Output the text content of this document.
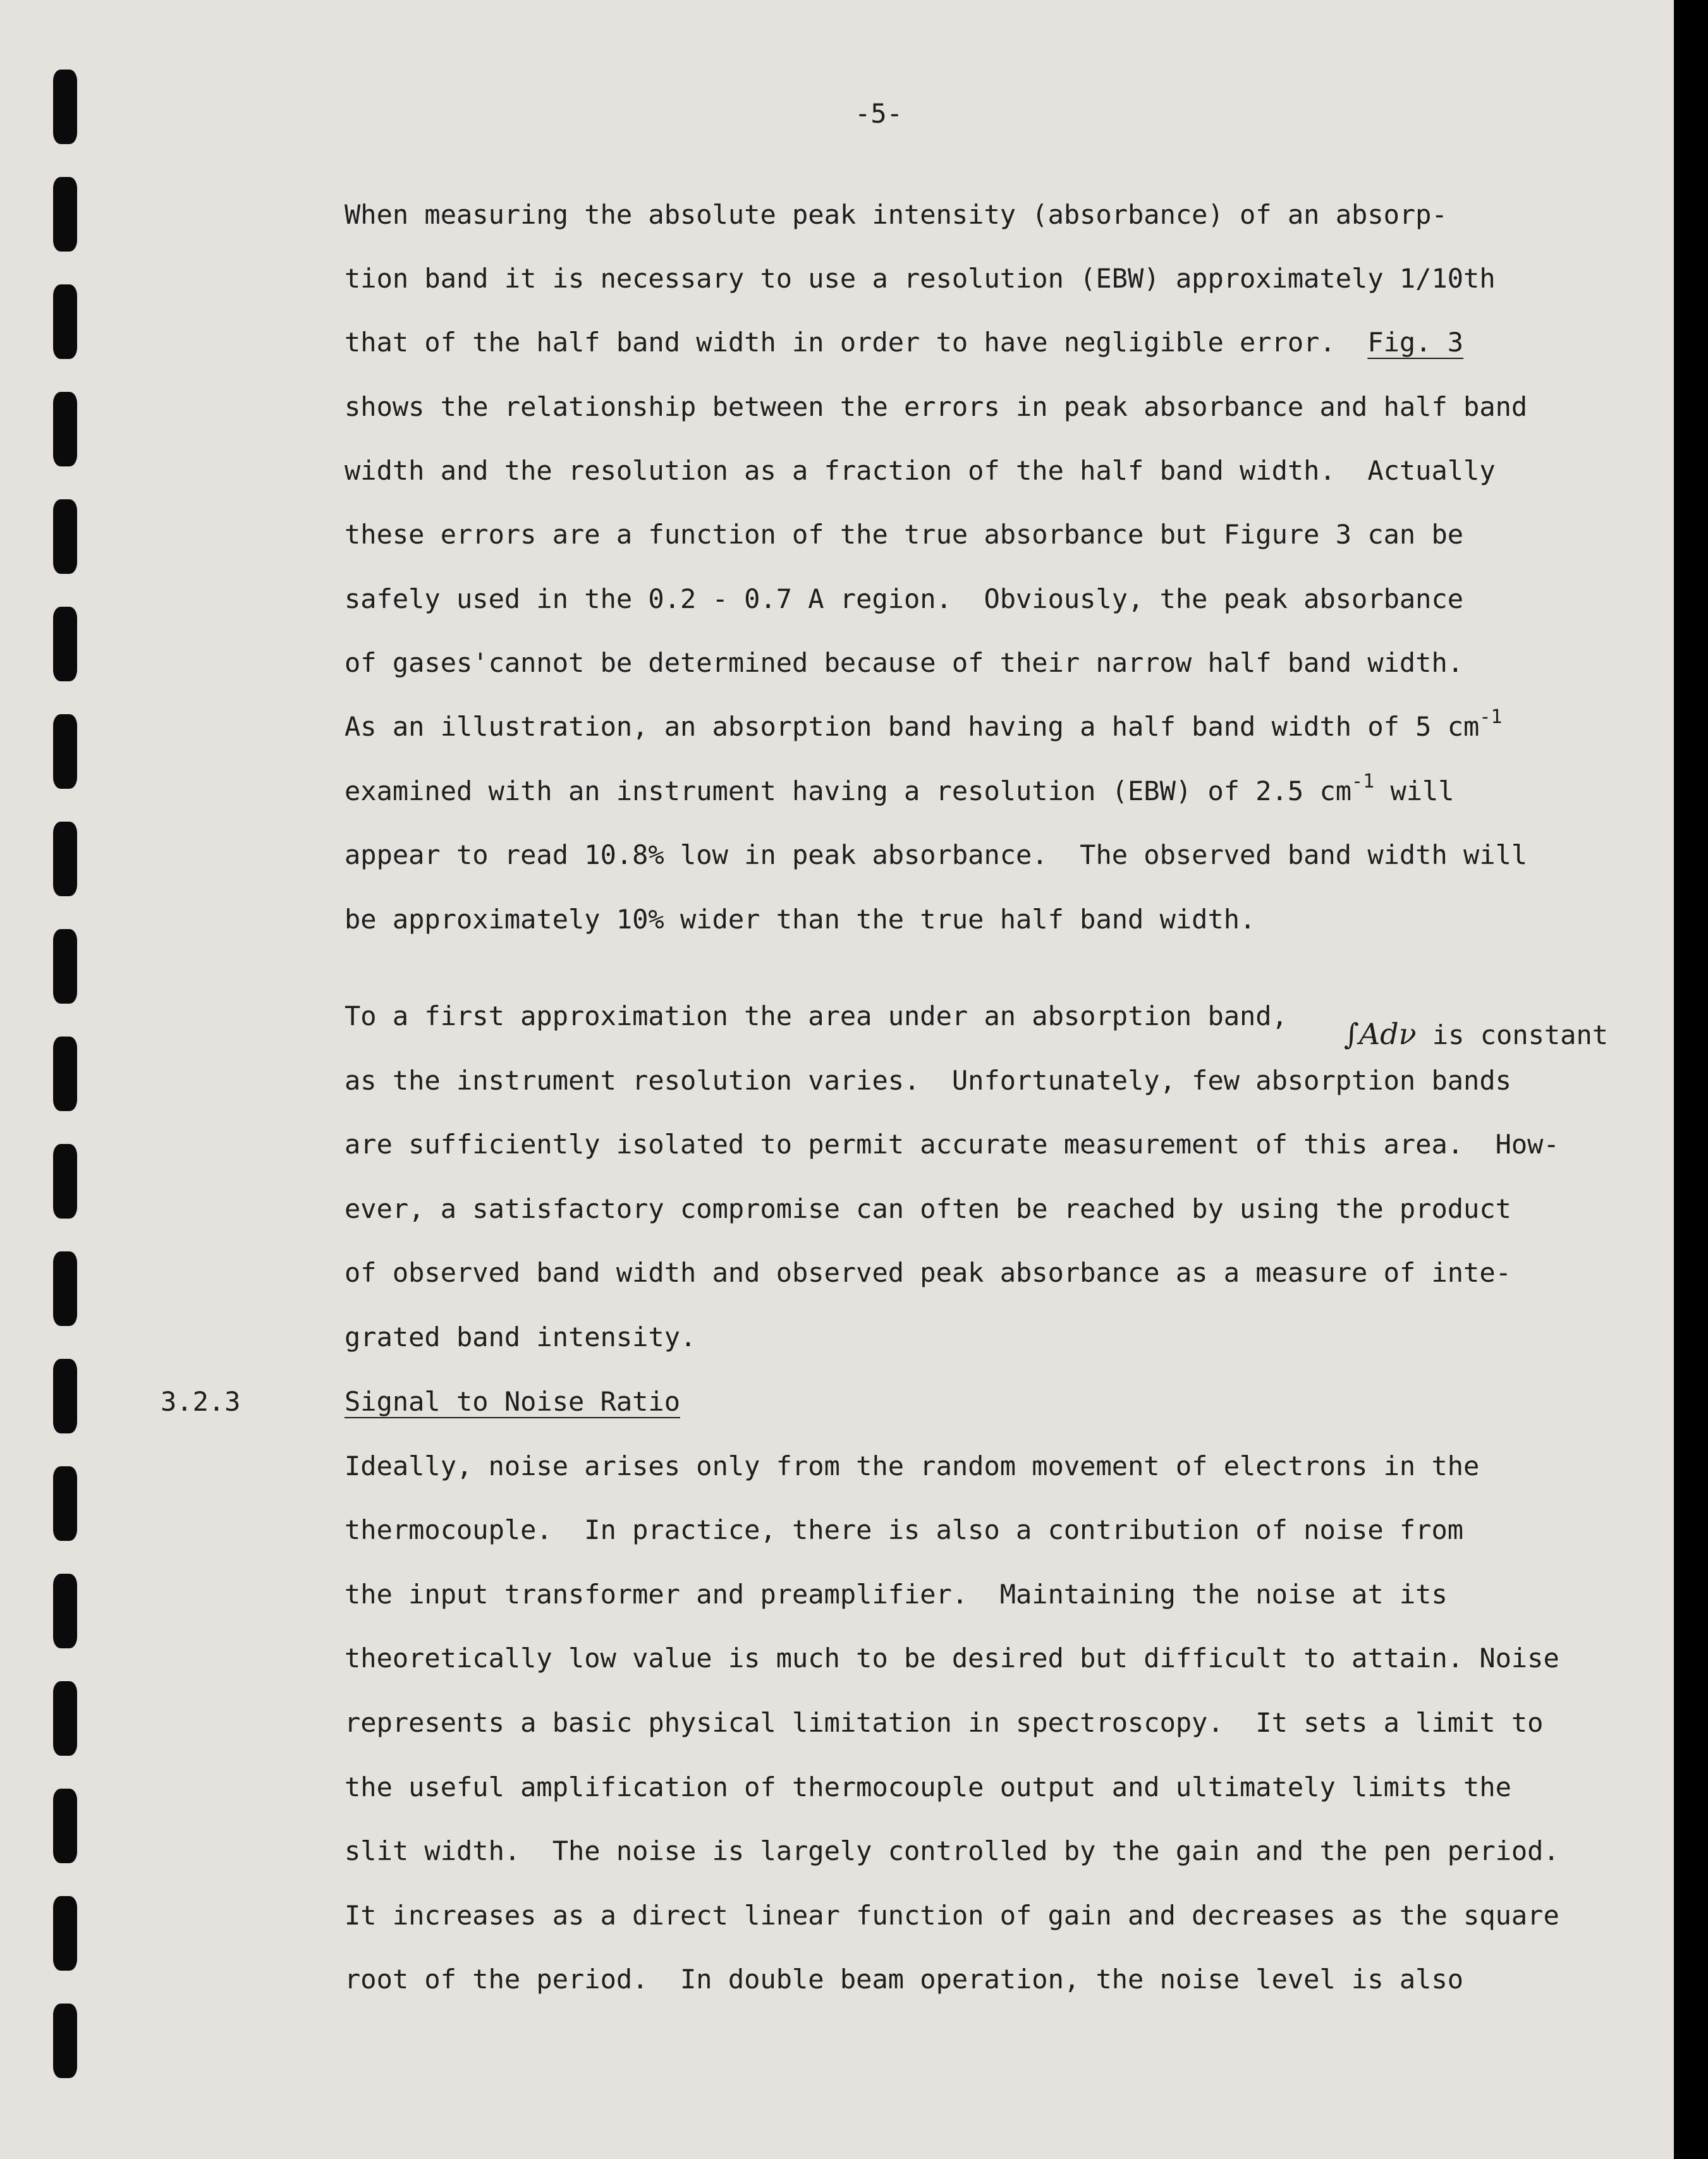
-5-
When measuring the absolute peak intensity (absorbance) of an absorp-
tion band it is necessary to use a resolution (EBW) approximately 1/10th
that of the half band width in order to have negligible error. Fig. 3
shows the relationship between the errors in peak absorbance and half band
width and the resolution as a fraction of the half band width.  Actually
these errors are a function of the true absorbance but Figure 3 can be
safely used in the 0.2 - 0.7 A region.  Obviously, the peak absorbance
of gases'cannot be determined because of their narrow half band width.
As an illustration, an absorption band having a half band width of 5 $cm^{-1}$
examined with an instrument having a resolution (EBW) of 2.5 $cm^{-1}$ will
appear to read 10.8% low in peak absorbance.  The observed band width will
be approximately 10% wider than the true half band width.
To a first approximation the area under an absorption band,
∫Adν is constant
as the instrument resolution varies.  Unfortunately, few absorption bands
are sufficiently isolated to permit accurate measurement of this area.  How-
ever, a satisfactory compromise can often be reached by using the product
of observed band width and observed peak absorbance as a measure of inte-
grated band intensity.
3.2.3	Signal to Noise Ratio
Ideally, noise arises only from the random movement of electrons in the
thermocouple.  In practice, there is also a contribution of noise from
the input transformer and preamplifier.  Maintaining the noise at its
theoretically low value is much to be desired but difficult to attain. Noise
represents a basic physical limitation in spectroscopy.  It sets a limit to
the useful amplification of thermocouple output and ultimately limits the
slit width.  The noise is largely controlled by the gain and the pen period.
It increases as a direct linear function of gain and decreases as the square
root of the period.  In double beam operation, the noise level is also
